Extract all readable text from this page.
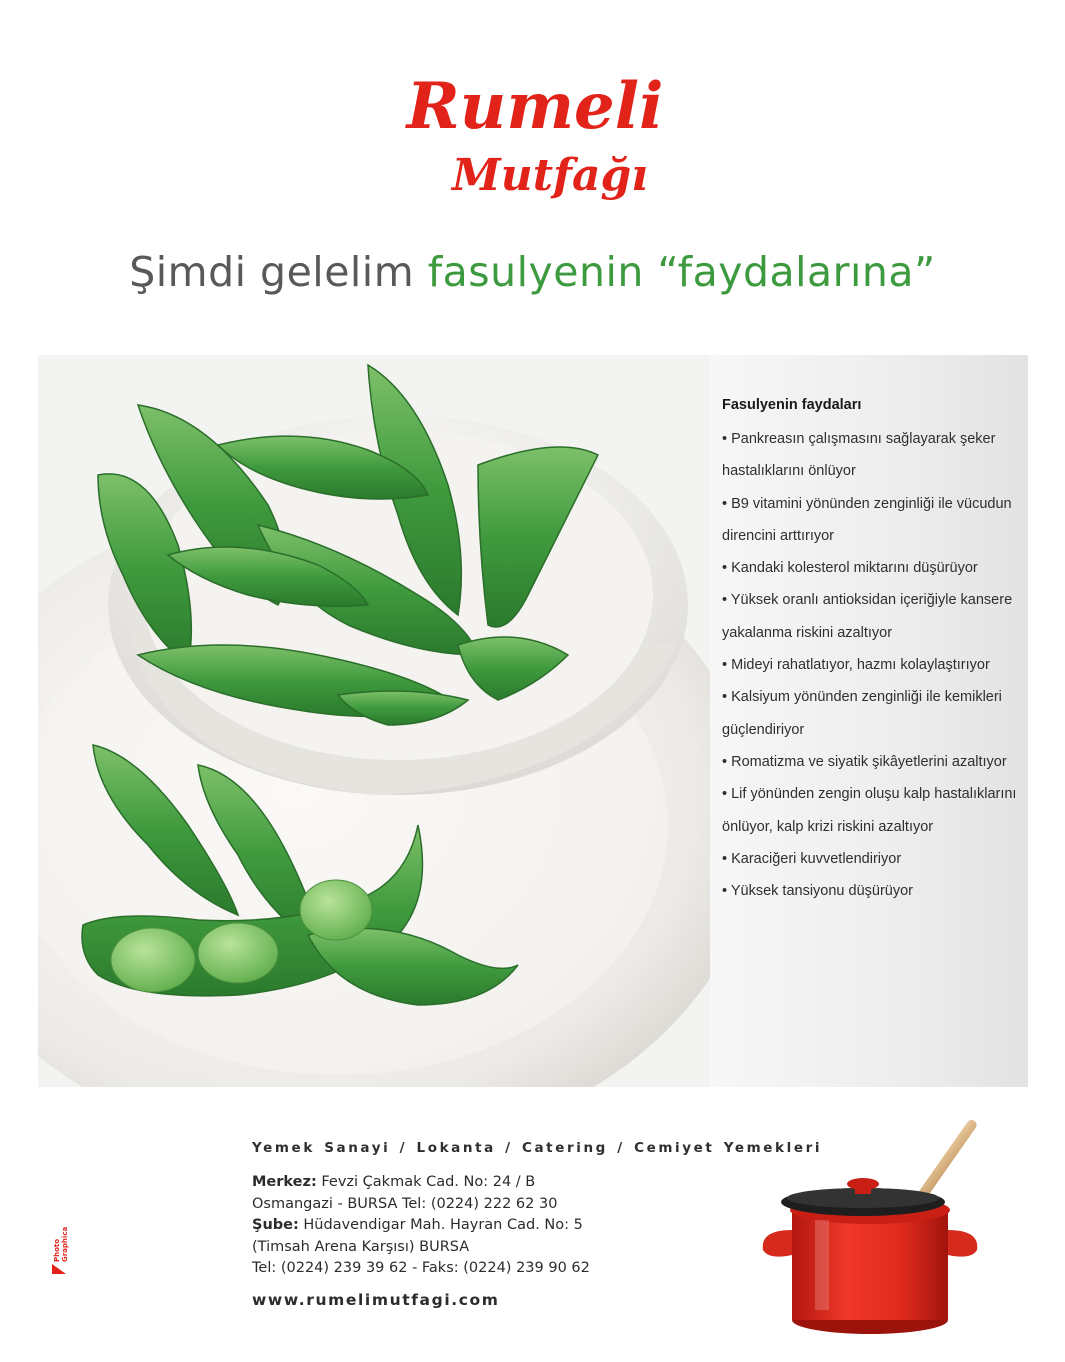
Rumeli
Mutfağı
Şimdi gelelim fasulyenin “faydalarına”
Fasulyenin faydaları
• Pankreasın çalışmasını sağlayarak şeker hastalıklarını önlüyor
• B9 vitamini yönünden zenginliği ile vücudun direncini arttırıyor
• Kandaki kolesterol miktarını düşürüyor
• Yüksek oranlı antioksidan içeriğiyle kansere yakalanma riskini azaltıyor
• Mideyi rahatlatıyor, hazmı kolaylaştırıyor
• Kalsiyum yönünden zenginliği ile kemikleri güçlendiriyor
• Romatizma ve siyatik şikâyetlerini azaltıyor
• Lif yönünden zengin oluşu kalp hastalıklarını önlüyor, kalp krizi riskini azaltıyor
• Karaciğeri kuvvetlendiriyor
• Yüksek tansiyonu düşürüyor
Yemek Sanayi / Lokanta / Catering / Cemiyet Yemekleri
Merkez: Fevzi Çakmak Cad. No: 24 / B
Osmangazi - BURSA Tel: (0224) 222 62 30
Şube: Hüdavendigar Mah. Hayran Cad. No: 5
(Timsah Arena Karşısı) BURSA
Tel: (0224) 239 39 62 - Faks: (0224) 239 90 62
www.rumelimutfagi.com
Photo Graphica
